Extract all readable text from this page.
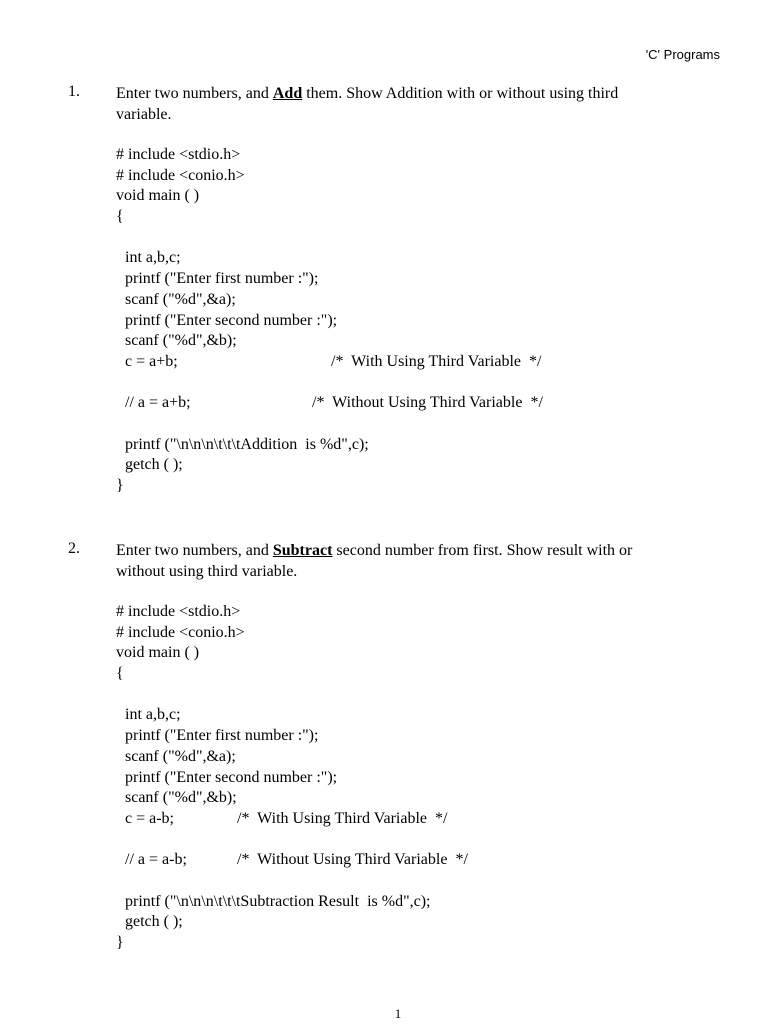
'C' Programs
1. Enter two numbers, and Add them. Show Addition with or without using third variable.
# include <stdio.h>
# include <conio.h>
void main ( )
{
int a,b,c;
printf ("Enter first number :");
scanf ("%d",&a);
printf ("Enter second number :");
scanf ("%d",&b);
c = a+b;	/*  With Using Third Variable  */
// a = a+b;	/*  Without Using Third Variable  */
printf ("\n\n\n\t\t\tAddition  is %d",c);
getch ( );
}
2. Enter two numbers, and Subtract second number from first. Show result with or without using third variable.
# include <stdio.h>
# include <conio.h>
void main ( )
{
int a,b,c;
printf ("Enter first number :");
scanf ("%d",&a);
printf ("Enter second number :");
scanf ("%d",&b);
c = a-b;	/*  With Using Third Variable  */
// a = a-b;	/*  Without Using Third Variable  */
printf ("\n\n\n\t\t\tSubtraction Result  is %d",c);
getch ( );
}
1
